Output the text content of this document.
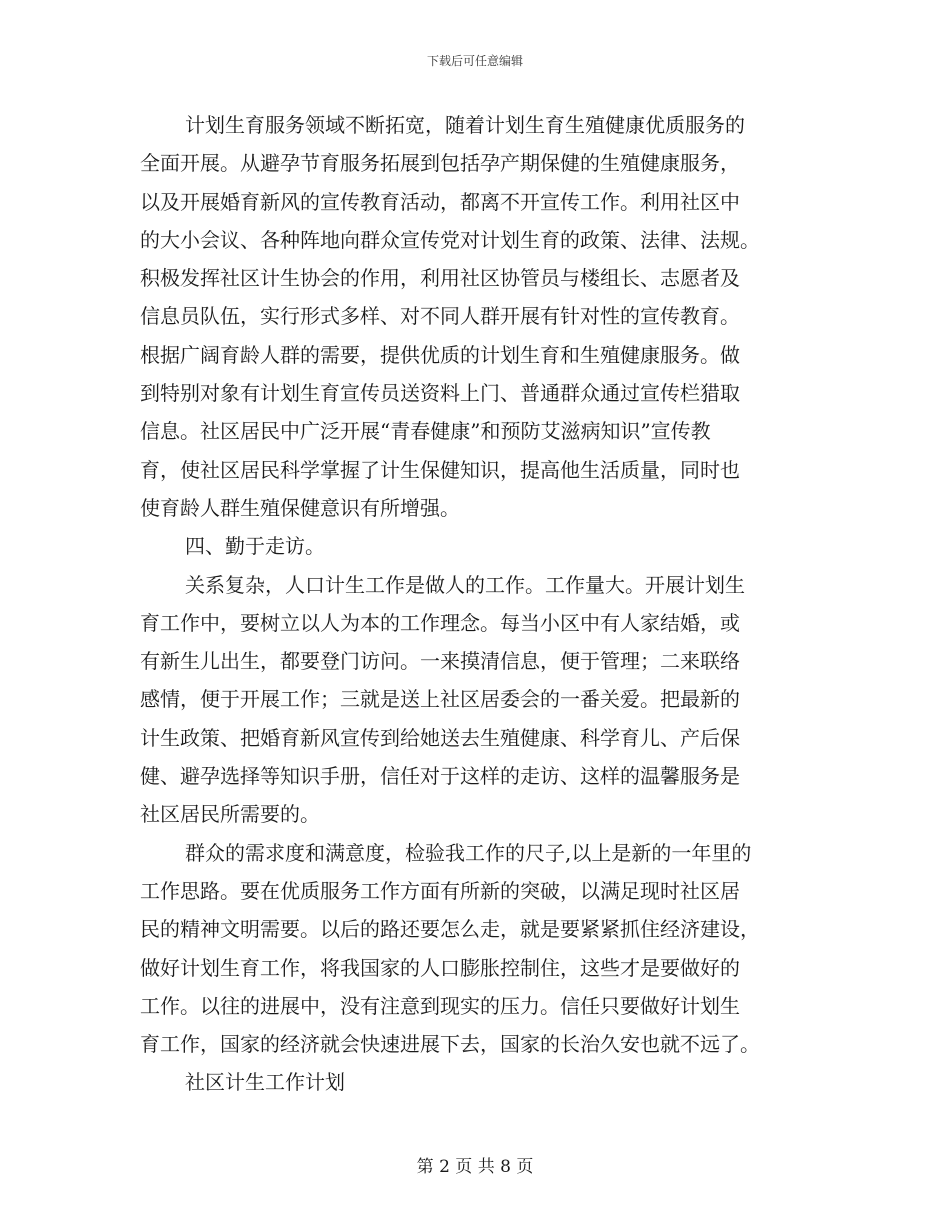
下载后可任意编辑
计划生育服务领域不断拓宽，随着计划生育生殖健康优质服务的
全面开展。从避孕节育服务拓展到包括孕产期保健的生殖健康服务，
以及开展婚育新风的宣传教育活动，都离不开宣传工作。利用社区中
的大小会议、各种阵地向群众宣传党对计划生育的政策、法律、法规。
积极发挥社区计生协会的作用，利用社区协管员与楼组长、志愿者及
信息员队伍，实行形式多样、对不同人群开展有针对性的宣传教育。
根据广阔育龄人群的需要，提供优质的计划生育和生殖健康服务。做
到特别对象有计划生育宣传员送资料上门、普通群众通过宣传栏猎取
信息。社区居民中广泛开展“青春健康”和预防艾滋病知识”宣传教
育，使社区居民科学掌握了计生保健知识，提高他生活质量，同时也
使育龄人群生殖保健意识有所增强。
四、勤于走访。
关系复杂，人口计生工作是做人的工作。工作量大。开展计划生
育工作中，要树立以人为本的工作理念。每当小区中有人家结婚，或
有新生儿出生，都要登门访问。一来摸清信息，便于管理；二来联络
感情，便于开展工作；三就是送上社区居委会的一番关爱。把最新的
计生政策、把婚育新风宣传到给她送去生殖健康、科学育儿、产后保
健、避孕选择等知识手册，信任对于这样的走访、这样的温馨服务是
社区居民所需要的。
群众的需求度和满意度，检验我工作的尺子,以上是新的一年里的
工作思路。要在优质服务工作方面有所新的突破，以满足现时社区居
民的精神文明需要。以后的路还要怎么走，就是要紧紧抓住经济建设，
做好计划生育工作，将我国家的人口膨胀控制住，这些才是要做好的
工作。以往的进展中，没有注意到现实的压力。信任只要做好计划生
育工作，国家的经济就会快速进展下去，国家的长治久安也就不远了。
社区计生工作计划
第 2 页 共 8 页
